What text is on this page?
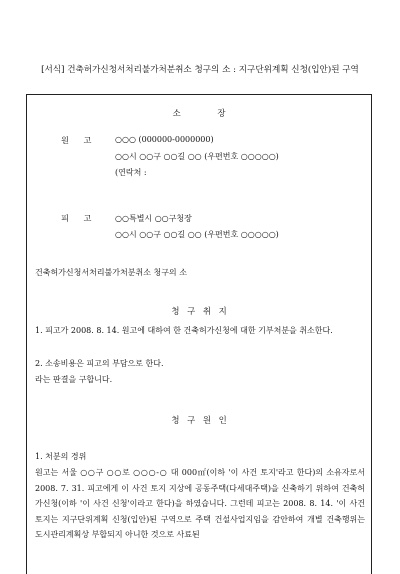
[서식] 건축허가신청서처리불가처분취소 청구의 소 : 지구단위계획 신청(입안)된 구역
소 장
원 고	○○○ (000000-0000000)
○○시 ○○구 ○○길 ○○ (우편번호 ○○○○○)
(연락처 :
피 고	○○특별시 ○○구청장
○○시 ○○구 ○○길 ○○ (우편번호 ○○○○○)
건축허가신청서처리불가처분취소 청구의 소
청 구 취 지

1. 피고가 2008. 8. 14. 원고에 대하여 한 건축허가신청에 대한 기부처분을 취소한다.

2. 소송비용은 피고의 부담으로 한다.
라는 판결을 구합니다.
청 구 원 인
1. 처분의 경위

원고는 서울 ○○구 ○○로 ○○○-○ 대 000㎡(이하 '이 사건 토지'라고 한다)의 소유자로서 2008. 7. 31. 피고에게 이 사건 토지 지상에 공동주택(다세대주택)을 신축하기 위하여 건축허가신청(이하 '이 사건 신청'이라고 한다)을 하였습니다. 그런데 피고는 2008. 8. 14. '이 사건 토지는 지구단위계획 신청(입안)된 구역으로 주택 건설사업지임을 감안하여 개별 건축행위는 도시관리계획상 부합되지 아니한 것으로 사료된
